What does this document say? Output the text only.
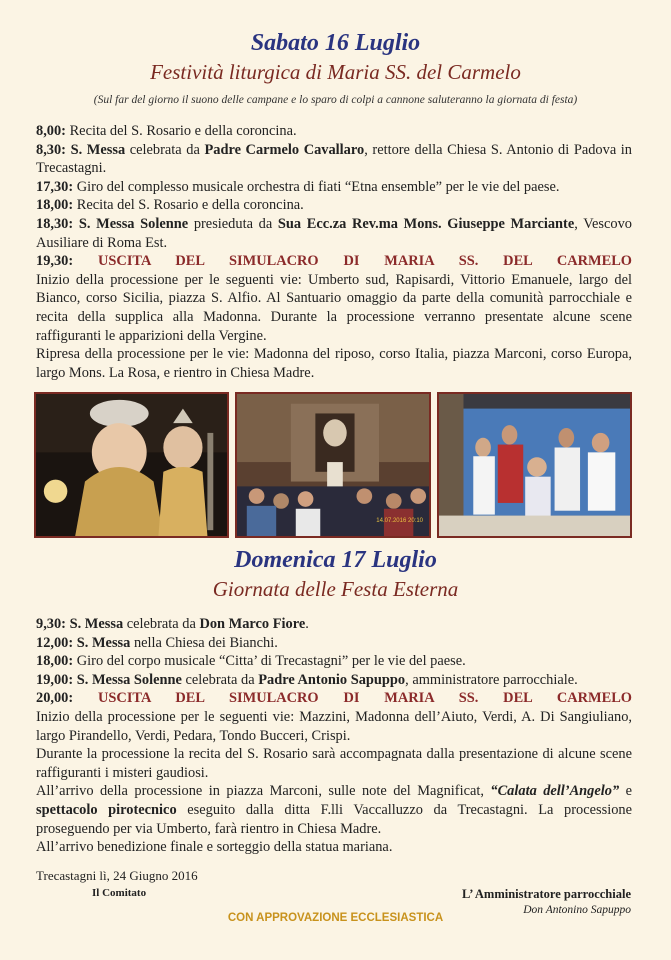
Sabato 16 Luglio
Festività liturgica di Maria SS. del Carmelo
(Sul far del giorno il suono delle campane e lo sparo di colpi a cannone saluteranno la giornata di festa)

8,00: Recita del S. Rosario e della coroncina.

8,30: S. Messa celebrata da Padre Carmelo Cavallaro, rettore della Chiesa S. Antonio di Padova in Trecastagni.

17,30: Giro del complesso musicale orchestra di fiati “Etna ensemble” per le vie del paese.

18,00: Recita del S. Rosario e della coroncina.

18,30: S. Messa Solenne presieduta da Sua Ecc.za Rev.ma Mons. Giuseppe Marciante, Vescovo Ausiliare di Roma Est.

19,30: USCITA DEL SIMULACRO DI MARIA SS. DEL CARMELO

Inizio della processione per le seguenti vie: Umberto sud, Rapisardi, Vittorio Emanuele, largo del Bianco, corso Sicilia, piazza S. Alfio. Al Santuario omaggio da parte della comunità parrocchiale e recita della supplica alla Madonna. Durante la processione verranno presentate alcune scene raffiguranti le apparizioni della Vergine.

Ripresa della processione per le vie: Madonna del riposo, corso Italia, piazza Marconi, corso Europa, largo Mons. La Rosa, e rientro in Chiesa Madre.

14.07.2016 20:10
Domenica 17 Luglio
Giornata delle Festa Esterna

9,30: S. Messa celebrata da Don Marco Fiore.

12,00: S. Messa nella Chiesa dei Bianchi.

18,00: Giro del corpo musicale “Citta’ di Trecastagni” per le vie del paese.

19,00: S. Messa Solenne celebrata da Padre Antonio Sapuppo, amministratore parrocchiale.

20,00: USCITA DEL SIMULACRO DI MARIA SS. DEL CARMELO

Inizio della processione per le seguenti vie: Mazzini, Madonna dell’Aiuto, Verdi, A. Di Sangiuliano, largo Pirandello, Verdi, Pedara, Tondo Bucceri, Crispi.

Durante la processione la recita del S. Rosario sarà accompagnata dalla presentazione di alcune scene raffiguranti i misteri gaudiosi.

All’arrivo della processione in piazza Marconi, sulle note del Magnificat, “Calata dell’Angelo” e spettacolo pirotecnico eseguito dalla ditta F.lli Vaccalluzzo da Trecastagni. La processione proseguendo per via Umberto, farà rientro in Chiesa Madre.

All’arrivo benedizione finale e sorteggio della statua mariana.

Trecastagni lì, 24 Giugno 2016
Il Comitato	L’ Amministratore parrocchiale
Don Antonino Sapuppo
CON APPROVAZIONE ECCLESIASTICA
